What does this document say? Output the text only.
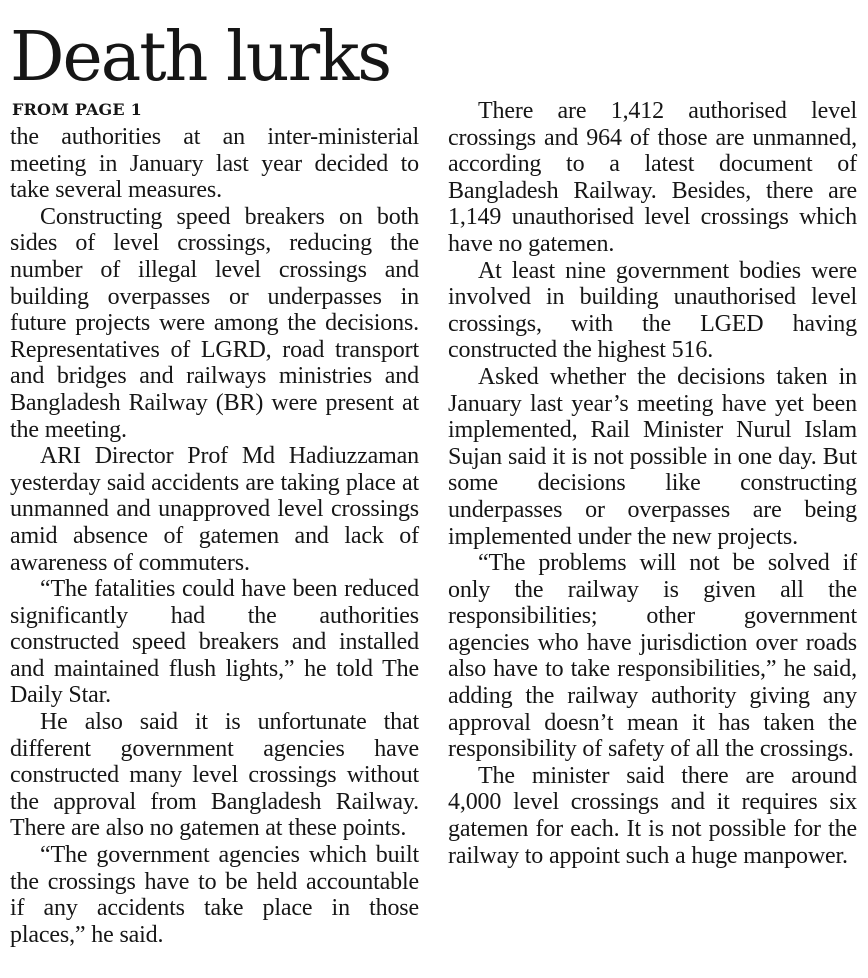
Death lurks
FROM PAGE 1

the authorities at an inter-ministerial meeting in January last year decided to take several measures.

Constructing speed breakers on both sides of level crossings, reducing the number of illegal level crossings and building overpasses or underpasses in future projects were among the decisions. Representatives of LGRD, road transport and bridges and railways ministries and Bangladesh Railway (BR) were present at the meeting.

ARI Director Prof Md Hadiuzzaman yesterday said accidents are taking place at unmanned and unapproved level crossings amid absence of gatemen and lack of awareness of commuters.

“The fatalities could have been reduced significantly had the authorities constructed speed breakers and installed and maintained flush lights,” he told The Daily Star.

He also said it is unfortunate that different government agencies have constructed many level crossings without the approval from Bangladesh Railway. There are also no gatemen at these points.

“The government agencies which built the crossings have to be held accountable if any accidents take place in those places,” he said.

There are 1,412 authorised level crossings and 964 of those are unmanned, according to a latest document of Bangladesh Railway. Besides, there are 1,149 unauthorised level crossings which have no gatemen.

At least nine government bodies were involved in building unauthorised level crossings, with the LGED having constructed the highest 516.

Asked whether the decisions taken in January last year’s meeting have yet been implemented, Rail Minister Nurul Islam Sujan said it is not possible in one day. But some decisions like constructing underpasses or overpasses are being implemented under the new projects.

“The problems will not be solved if only the railway is given all the responsibilities; other government agencies who have jurisdiction over roads also have to take responsibilities,” he said, adding the railway authority giving any approval doesn’t mean it has taken the responsibility of safety of all the crossings.

The minister said there are around 4,000 level crossings and it requires six gatemen for each. It is not possible for the railway to appoint such a huge manpower.
